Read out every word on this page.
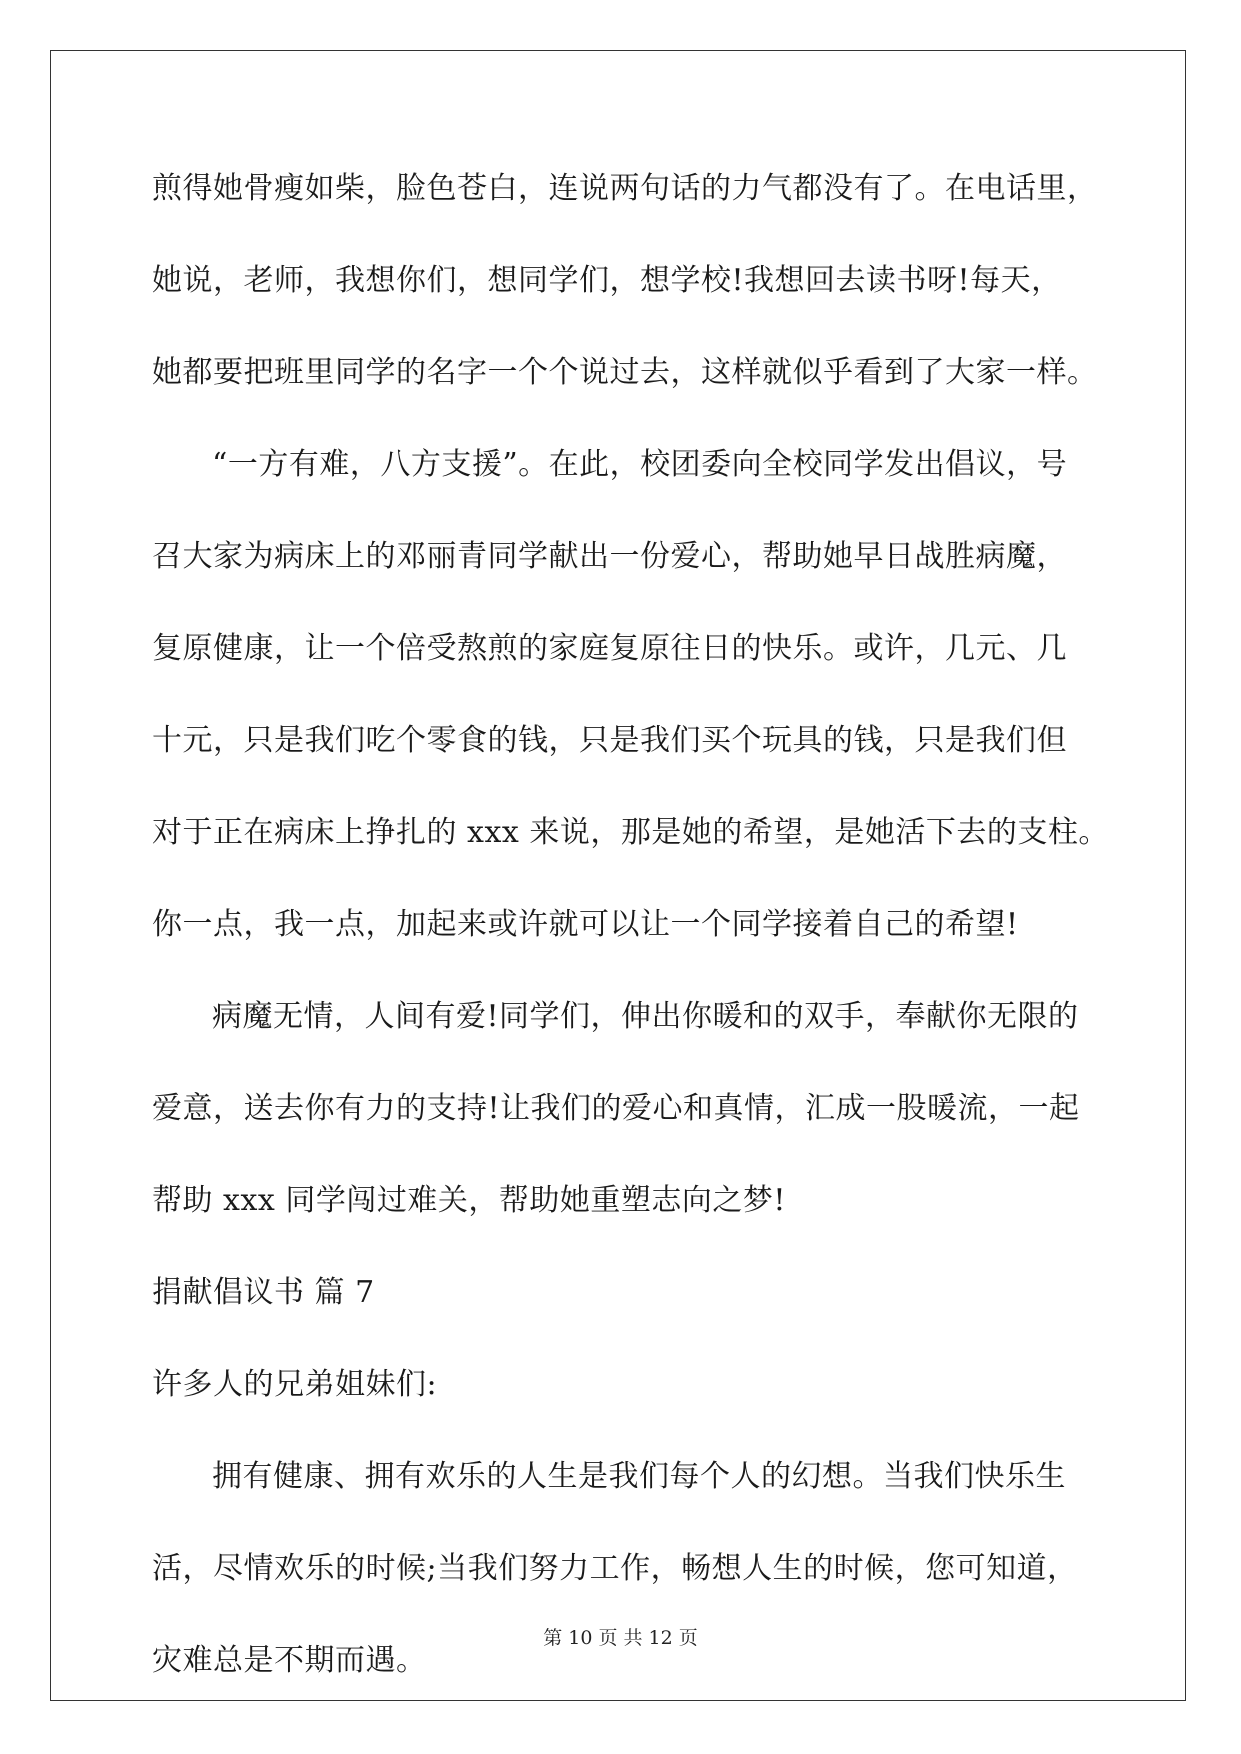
煎得她骨瘦如柴，脸色苍白，连说两句话的力气都没有了。在电话里，
她说，老师，我想你们，想同学们，想学校!我想回去读书呀!每天，
她都要把班里同学的名字一个个说过去，这样就似乎看到了大家一样。
“一方有难，八方支援”。在此，校团委向全校同学发出倡议，号
召大家为病床上的邓丽青同学献出一份爱心，帮助她早日战胜病魔，
复原健康，让一个倍受熬煎的家庭复原往日的快乐。或许，几元、几
十元，只是我们吃个零食的钱，只是我们买个玩具的钱，只是我们但
对于正在病床上挣扎的 xxx 来说，那是她的希望，是她活下去的支柱。
你一点，我一点，加起来或许就可以让一个同学接着自己的希望!
病魔无情，人间有爱!同学们，伸出你暖和的双手，奉献你无限的
爱意，送去你有力的支持!让我们的爱心和真情，汇成一股暖流，一起
帮助 xxx 同学闯过难关，帮助她重塑志向之梦!
捐献倡议书 篇 7
许多人的兄弟姐妹们:
拥有健康、拥有欢乐的人生是我们每个人的幻想。当我们快乐生
活，尽情欢乐的时候;当我们努力工作，畅想人生的时候，您可知道，
灾难总是不期而遇。
第 10 页 共 12 页
